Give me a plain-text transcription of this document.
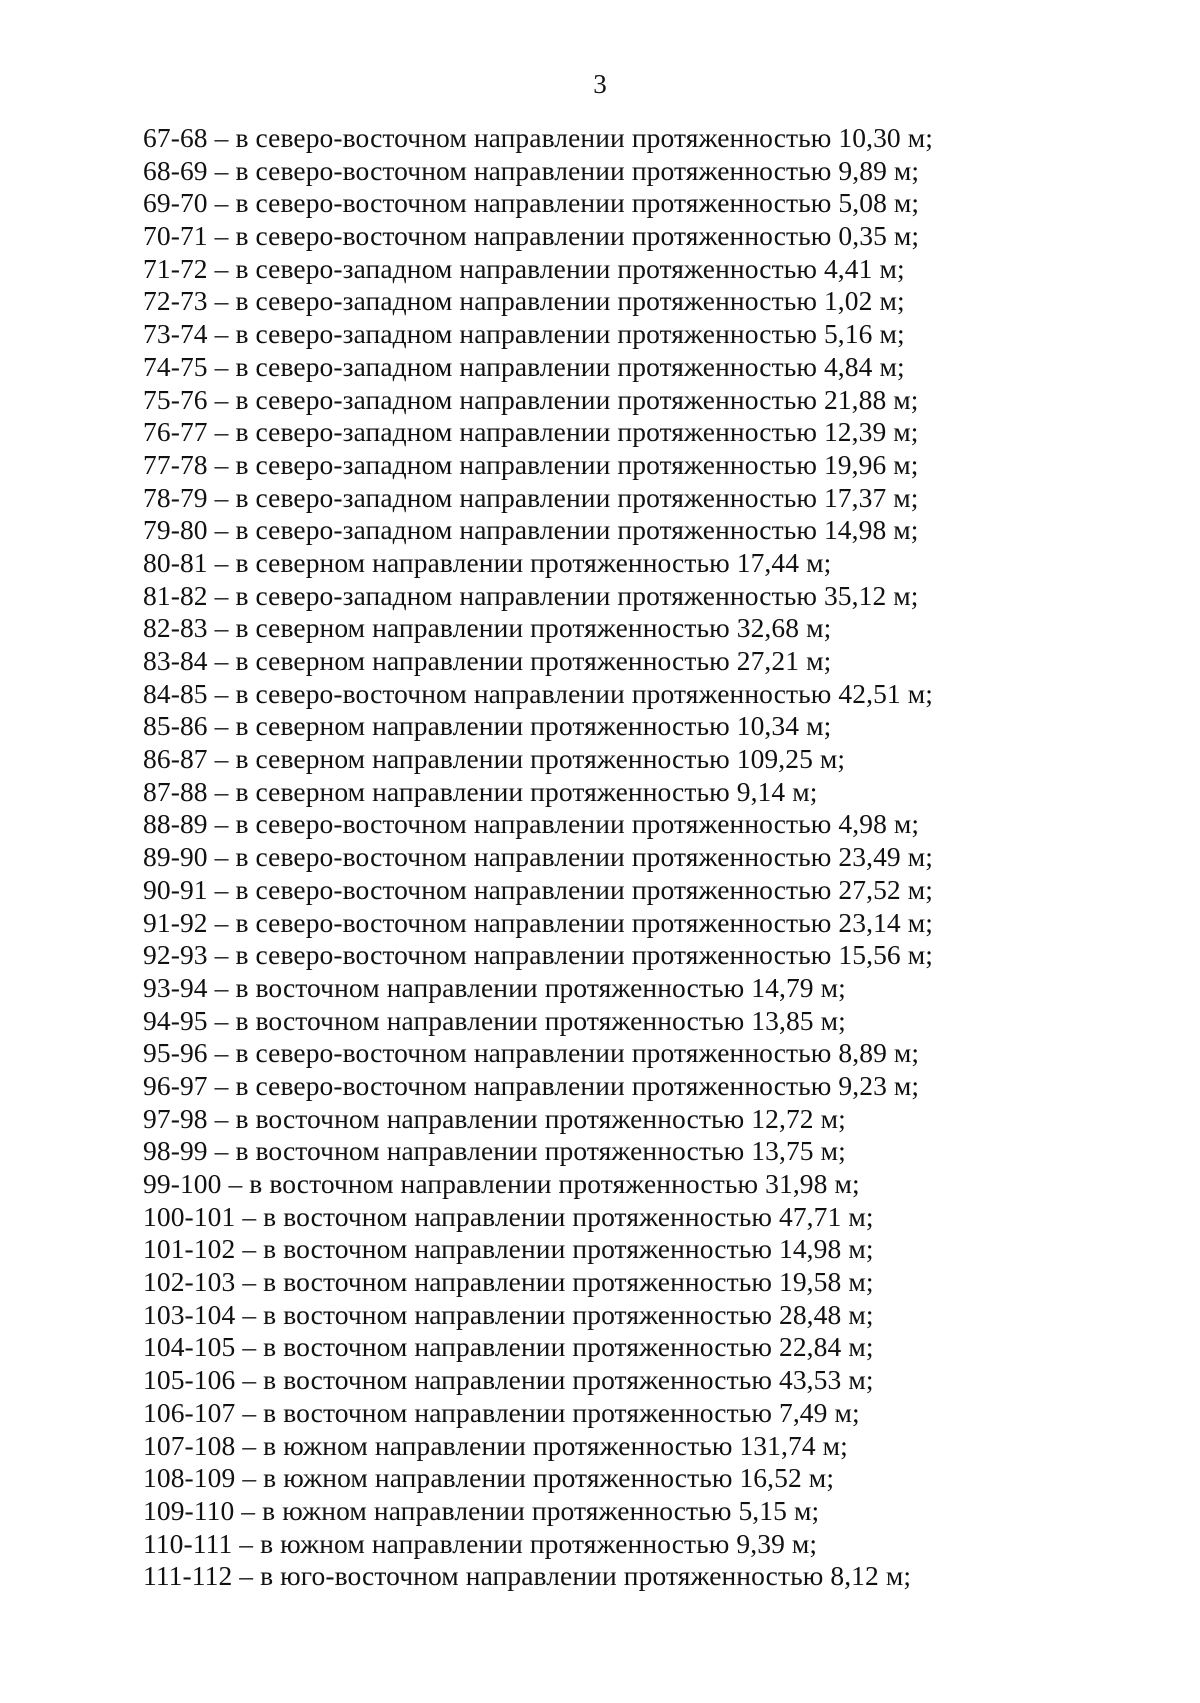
3
67-68 – в северо-восточном направлении протяженностью 10,30 м;
68-69 – в северо-восточном направлении протяженностью 9,89 м;
69-70 – в северо-восточном направлении протяженностью 5,08 м;
70-71 – в северо-восточном направлении протяженностью 0,35 м;
71-72 – в северо-западном направлении протяженностью 4,41 м;
72-73 – в северо-западном направлении протяженностью 1,02 м;
73-74 – в северо-западном направлении протяженностью 5,16 м;
74-75 – в северо-западном направлении протяженностью 4,84 м;
75-76 – в северо-западном направлении протяженностью 21,88 м;
76-77 – в северо-западном направлении протяженностью 12,39 м;
77-78 – в северо-западном направлении протяженностью 19,96 м;
78-79 – в северо-западном направлении протяженностью 17,37 м;
79-80 – в северо-западном направлении протяженностью 14,98 м;
80-81 – в северном направлении протяженностью 17,44 м;
81-82 – в северо-западном направлении протяженностью 35,12 м;
82-83 – в северном направлении протяженностью 32,68 м;
83-84 – в северном направлении протяженностью 27,21 м;
84-85 – в северо-восточном направлении протяженностью 42,51 м;
85-86 – в северном направлении протяженностью 10,34 м;
86-87 – в северном направлении протяженностью 109,25 м;
87-88 – в северном направлении протяженностью 9,14 м;
88-89 – в северо-восточном направлении протяженностью 4,98 м;
89-90 – в северо-восточном направлении протяженностью 23,49 м;
90-91 – в северо-восточном направлении протяженностью 27,52 м;
91-92 – в северо-восточном направлении протяженностью 23,14 м;
92-93 – в северо-восточном направлении протяженностью 15,56 м;
93-94 – в восточном направлении протяженностью 14,79 м;
94-95 – в восточном направлении протяженностью 13,85 м;
95-96 – в северо-восточном направлении протяженностью 8,89 м;
96-97 – в северо-восточном направлении протяженностью 9,23 м;
97-98 – в восточном направлении протяженностью 12,72 м;
98-99 – в восточном направлении протяженностью 13,75 м;
99-100 – в восточном направлении протяженностью 31,98 м;
100-101 – в восточном направлении протяженностью 47,71 м;
101-102 – в восточном направлении протяженностью 14,98 м;
102-103 – в восточном направлении протяженностью 19,58 м;
103-104 – в восточном направлении протяженностью 28,48 м;
104-105 – в восточном направлении протяженностью 22,84 м;
105-106 – в восточном направлении протяженностью 43,53 м;
106-107 – в восточном направлении протяженностью 7,49 м;
107-108 – в южном направлении протяженностью 131,74 м;
108-109 – в южном направлении протяженностью 16,52 м;
109-110 – в южном направлении протяженностью 5,15 м;
110-111 – в южном направлении протяженностью 9,39 м;
111-112 – в юго-восточном направлении протяженностью 8,12 м;
